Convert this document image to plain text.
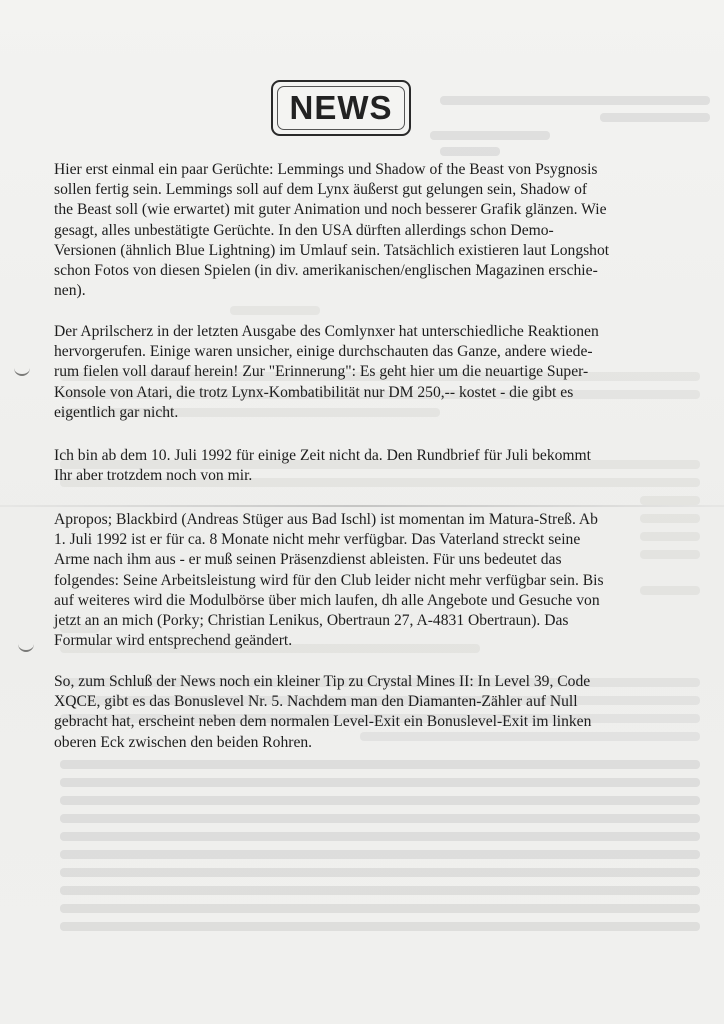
NEWS
Hier erst einmal ein paar Gerüchte: Lemmings und Shadow of the Beast von Psygnosis
sollen fertig sein. Lemmings soll auf dem Lynx äußerst gut gelungen sein, Shadow of
the Beast soll (wie erwartet) mit guter Animation und noch besserer Grafik glänzen. Wie
gesagt, alles unbestätigte Gerüchte. In den USA dürften allerdings schon Demo-
Versionen (ähnlich Blue Lightning) im Umlauf sein. Tatsächlich existieren laut Longshot
schon Fotos von diesen Spielen (in div. amerikanischen/englischen Magazinen erschie-
nen).
Der Aprilscherz in der letzten Ausgabe des Comlynxer hat unterschiedliche Reaktionen
hervorgerufen. Einige waren unsicher, einige durchschauten das Ganze, andere wiede-
rum fielen voll darauf herein! Zur "Erinnerung": Es geht hier um die neuartige Super-
Konsole von Atari, die trotz Lynx-Kombatibilität nur DM 250,-- kostet - die gibt es
eigentlich gar nicht.
Ich bin ab dem 10. Juli 1992 für einige Zeit nicht da. Den Rundbrief für Juli bekommt
Ihr aber trotzdem noch von mir.
Apropos; Blackbird (Andreas Stüger aus Bad Ischl) ist momentan im Matura-Streß. Ab
1. Juli 1992 ist er für ca. 8 Monate nicht mehr verfügbar. Das Vaterland streckt seine
Arme nach ihm aus - er muß seinen Präsenzdienst ableisten. Für uns bedeutet das
folgendes: Seine Arbeitsleistung wird für den Club leider nicht mehr verfügbar sein. Bis
auf weiteres wird die Modulbörse über mich laufen, dh alle Angebote und Gesuche von
jetzt an an mich (Porky; Christian Lenikus, Obertraun 27, A-4831 Obertraun). Das
Formular wird entsprechend geändert.
So, zum Schluß der News noch ein kleiner Tip zu Crystal Mines II: In Level 39, Code
XQCE, gibt es das Bonuslevel Nr. 5. Nachdem man den Diamanten-Zähler auf Null
gebracht hat, erscheint neben dem normalen Level-Exit ein Bonuslevel-Exit im linken
oberen Eck zwischen den beiden Rohren.
